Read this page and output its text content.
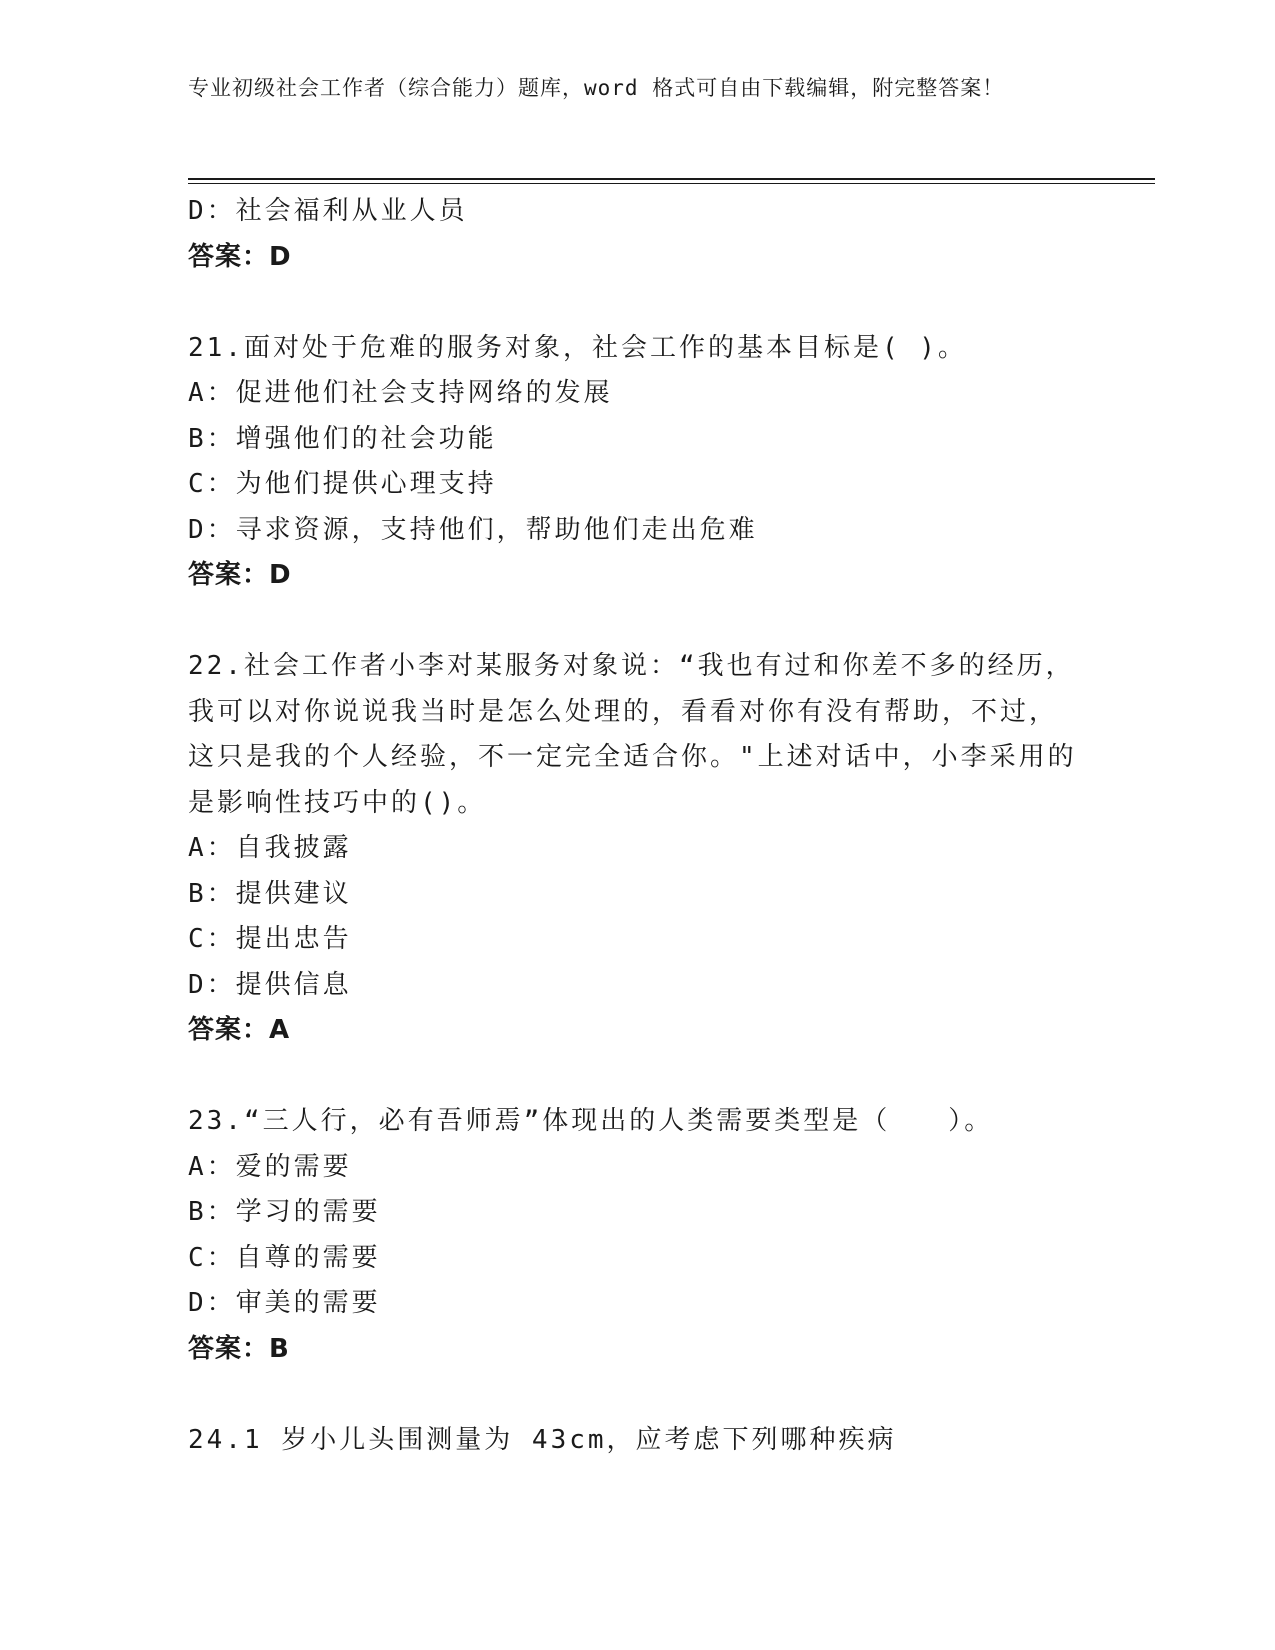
专业初级社会工作者（综合能力）题库，word 格式可自由下载编辑，附完整答案！
D：社会福利从业人员
答案：D
21.面对处于危难的服务对象，社会工作的基本目标是( )。
A：促进他们社会支持网络的发展
B：增强他们的社会功能
C：为他们提供心理支持
D：寻求资源，支持他们，帮助他们走出危难
答案：D
22.社会工作者小李对某服务对象说：“我也有过和你差不多的经历，
我可以对你说说我当时是怎么处理的，看看对你有没有帮助，不过，
这只是我的个人经验，不一定完全适合你。"上述对话中，小李采用的
是影响性技巧中的()。
A：自我披露
B：提供建议
C：提出忠告
D：提供信息
答案：A
23.“三人行，必有吾师焉”体现出的人类需要类型是（　　）。
A：爱的需要
B：学习的需要
C：自尊的需要
D：审美的需要
答案：B
24.1 岁小儿头围测量为 43cm，应考虑下列哪种疾病
